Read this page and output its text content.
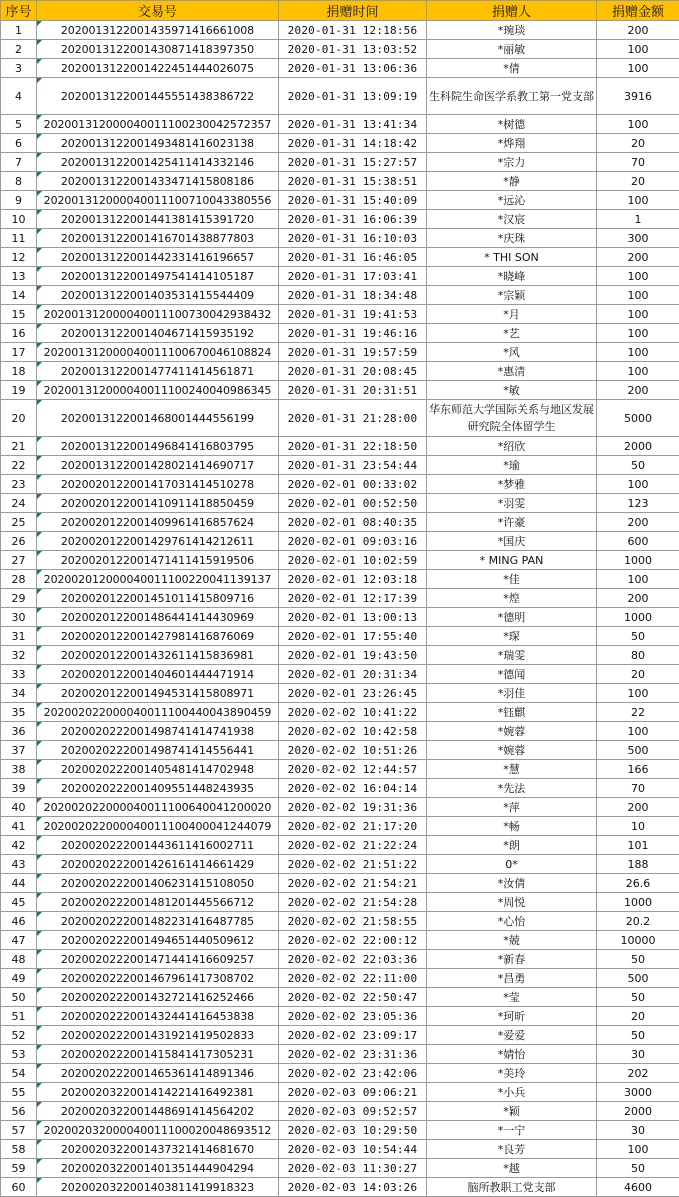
序号	交易号	捐赠时间	捐赠人	捐赠金额
1	2020013122001435971416661008	2020-01-31 12:18:56	*琬琰	200
2	2020013122001430871418397350	2020-01-31 13:03:52	*丽敏	100
3	2020013122001422451444026075	2020-01-31 13:06:36	*倩	100
4	2020013122001445551438386722	2020-01-31 13:09:19	生科院生命医学系教工第一党支部	3916
5	202001312000040011100230042572357	2020-01-31 13:41:34	*树德	100
6	2020013122001493481416023138	2020-01-31 14:18:42	*烨翔	20
7	2020013122001425411414332146	2020-01-31 15:27:57	*宗力	70
8	2020013122001433471415808186	2020-01-31 15:38:51	*静	20
9	202001312000040011100710043380556	2020-01-31 15:40:09	*远沁	100
10	2020013122001441381415391720	2020-01-31 16:06:39	*汉宸	1
11	2020013122001416701438877803	2020-01-31 16:10:03	*庆珠	300
12	2020013122001442331416196657	2020-01-31 16:46:05	* THI SON	200
13	2020013122001497541414105187	2020-01-31 17:03:41	*晓峰	100
14	2020013122001403531415544409	2020-01-31 18:34:48	*宗颖	100
15	202001312000040011100730042938432	2020-01-31 19:41:53	*月	100
16	2020013122001404671415935192	2020-01-31 19:46:16	*艺	100
17	202001312000040011100670046108824	2020-01-31 19:57:59	*风	100
18	2020013122001477411414561871	2020-01-31 20:08:45	*惠清	100
19	202001312000040011100240040986345	2020-01-31 20:31:51	*敏	200
20	2020013122001468001444556199	2020-01-31 21:28:00	华东师范大学国际关系与地区发展研究院全体留学生	5000
21	2020013122001496841416803795	2020-01-31 22:18:50	*绍欣	2000
22	2020013122001428021414690717	2020-01-31 23:54:44	*瑜	50
23	2020020122001417031414510278	2020-02-01 00:33:02	*梦雅	100
24	2020020122001410911418850459	2020-02-01 00:52:50	*羽雯	123
25	2020020122001409961416857624	2020-02-01 08:40:35	*许豪	200
26	2020020122001429761414212611	2020-02-01 09:03:16	*国庆	600
27	2020020122001471411415919506	2020-02-01 10:02:59	* MING PAN	1000
28	202002012000040011100220041139137	2020-02-01 12:03:18	*佳	100
29	2020020122001451011415809716	2020-02-01 12:17:39	*煌	200
30	2020020122001486441414430969	2020-02-01 13:00:13	*德明	1000
31	2020020122001427981416876069	2020-02-01 17:55:40	*琛	50
32	2020020122001432611415836981	2020-02-01 19:43:50	*瑞雯	80
33	2020020122001404601444471914	2020-02-01 20:31:34	*德闻	20
34	2020020122001494531415808971	2020-02-01 23:26:45	*羽佳	100
35	202002022000040011100440043890459	2020-02-02 10:41:22	*钰麒	22
36	2020020222001498741414741938	2020-02-02 10:42:58	*婉蓉	100
37	2020020222001498741414556441	2020-02-02 10:51:26	*婉蓉	500
38	2020020222001405481414702948	2020-02-02 12:44:57	*慧	166
39	2020020222001409551448243935	2020-02-02 16:04:14	*先法	70
40	202002022000040011100640041200020	2020-02-02 19:31:36	*萍	200
41	202002022000040011100400041244079	2020-02-02 21:17:20	*畅	10
42	2020020222001443611416002711	2020-02-02 21:22:24	*朗	101
43	2020020222001426161414661429	2020-02-02 21:51:22	0*	188
44	2020020222001406231415108050	2020-02-02 21:54:21	*汝倩	26.6
45	2020020222001481201445566712	2020-02-02 21:54:28	*周悦	1000
46	2020020222001482231416487785	2020-02-02 21:58:55	*心怡	20.2
47	2020020222001494651440509612	2020-02-02 22:00:12	*兢	10000
48	2020020222001471441416609257	2020-02-02 22:03:36	*新春	50
49	2020020222001467961417308702	2020-02-02 22:11:00	*昌勇	500
50	2020020222001432721416252466	2020-02-02 22:50:47	*莹	50
51	2020020222001432441416453838	2020-02-02 23:05:36	*珂昕	20
52	2020020222001431921419502833	2020-02-02 23:09:17	*爱爱	50
53	2020020222001415841417305231	2020-02-02 23:31:36	*婧怡	30
54	2020020222001465361414891346	2020-02-02 23:42:06	*美玲	202
55	2020020322001414221416492381	2020-02-03 09:06:21	*小兵	3000
56	2020020322001448691414564202	2020-02-03 09:52:57	*颖	2000
57	202002032000040011100020048693512	2020-02-03 10:29:50	*一宁	30
58	2020020322001437321414681670	2020-02-03 10:54:44	*良芳	100
59	2020020322001401351444904294	2020-02-03 11:30:27	*越	50
60	2020020322001403811419918323	2020-02-03 14:03:26	脑所教职工党支部	4600
